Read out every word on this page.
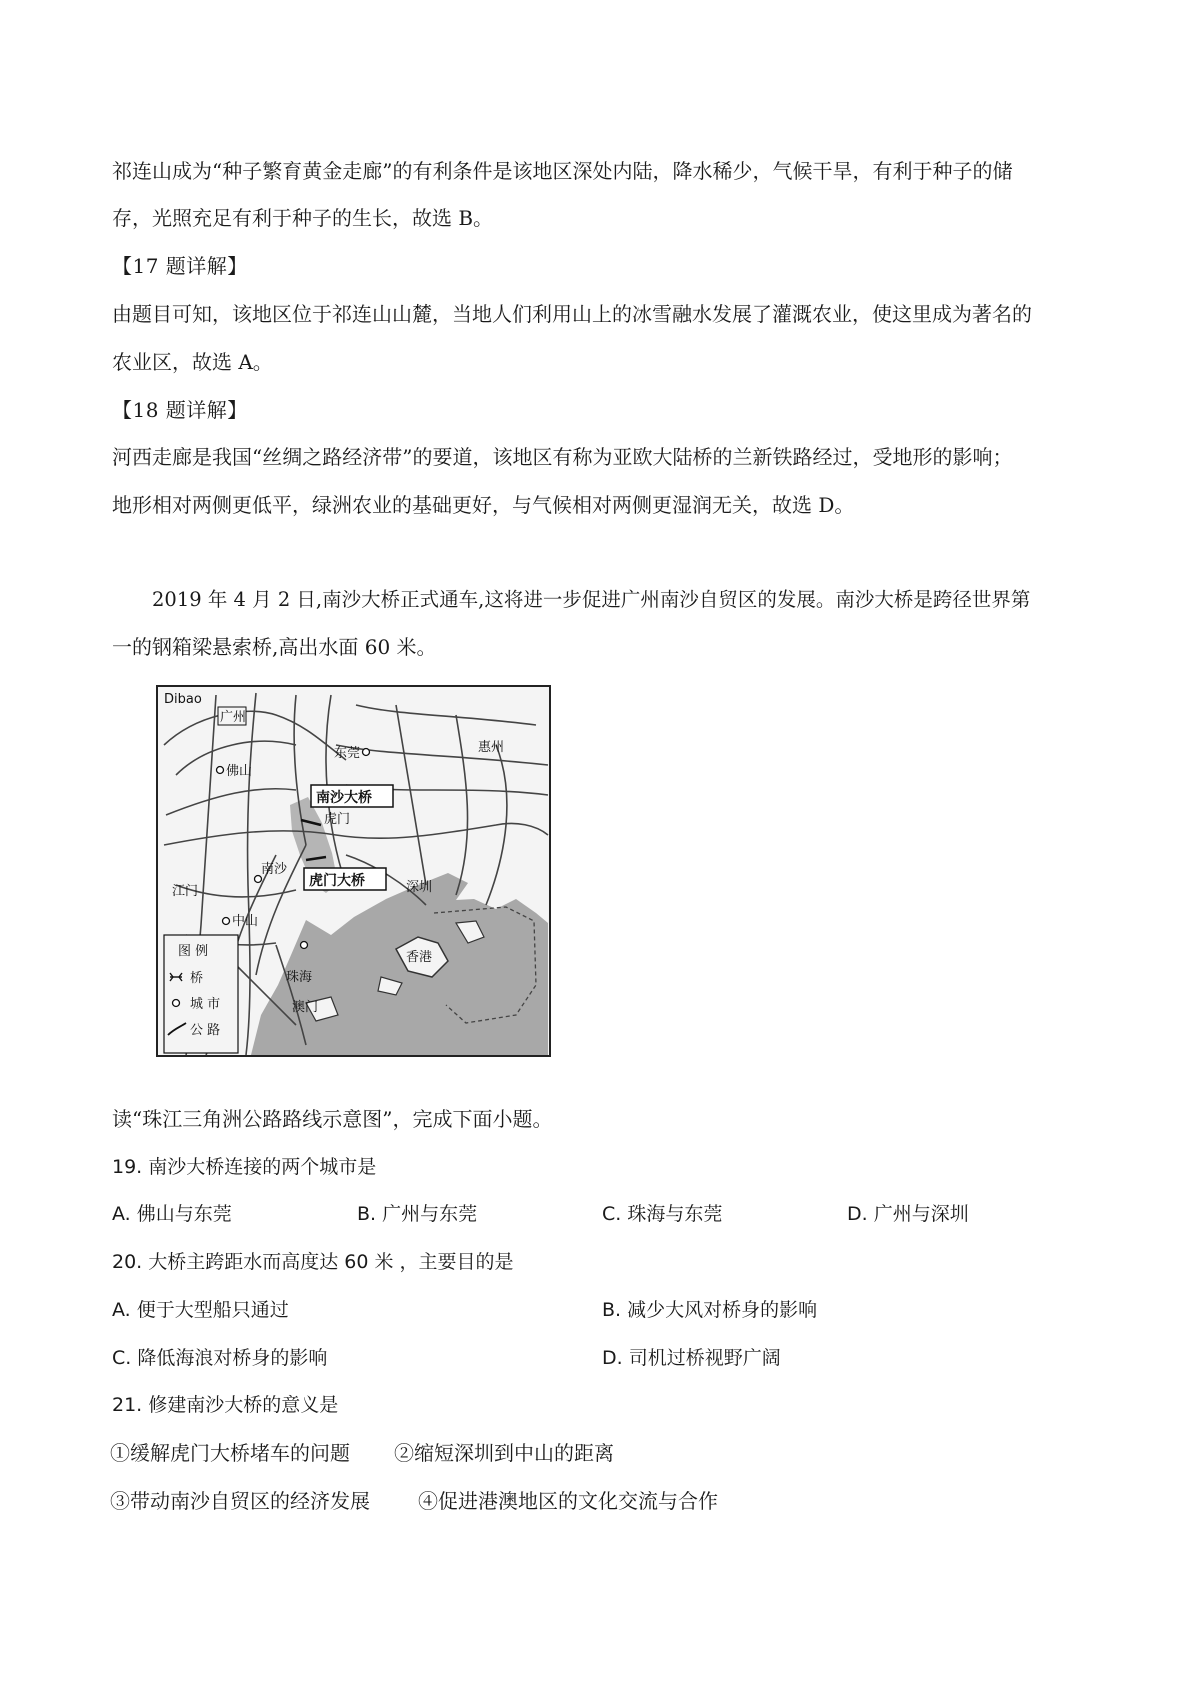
祁连山成为“种子繁育黄金走廊”的有利条件是该地区深处内陆，降水稀少，气候干旱，有利于种子的储
存，光照充足有利于种子的生长，故选 B。
【17 题详解】
由题目可知，该地区位于祁连山山麓，当地人们利用山上的冰雪融水发展了灌溉农业，使这里成为著名的
农业区，故选 A。
【18 题详解】
河西走廊是我国“丝绸之路经济带”的要道，该地区有称为亚欧大陆桥的兰新铁路经过，受地形的影响；
地形相对两侧更低平，绿洲农业的基础更好，与气候相对两侧更湿润无关，故选 D。
2019 年 4 月 2 日,南沙大桥正式通车,这将进一步促进广州南沙自贸区的发展。南沙大桥是跨径世界第
一的钢箱梁悬索桥,高出水面 60 米。
Dibao
广州
佛山
东莞	惠州
虎门
南沙
江门	深圳
中山
香港
珠海
澳门
南沙大桥
虎门大桥
图 例
桥
城 市
公 路
读“珠江三角洲公路路线示意图”，完成下面小题。
19. 南沙大桥连接的两个城市是
A. 佛山与东莞	B. 广州与东莞	C. 珠海与东莞	D. 广州与深圳
20. 大桥主跨距水而高度达 60 米 ，主要目的是
A. 便于大型船只通过	B. 减少大风对桥身的影响
C. 降低海浪对桥身的影响	D. 司机过桥视野广阔
21. 修建南沙大桥的意义是
①缓解虎门大桥堵车的问题 ②缩短深圳到中山的距离
③带动南沙自贸区的经济发展 ④促进港澳地区的文化交流与合作
